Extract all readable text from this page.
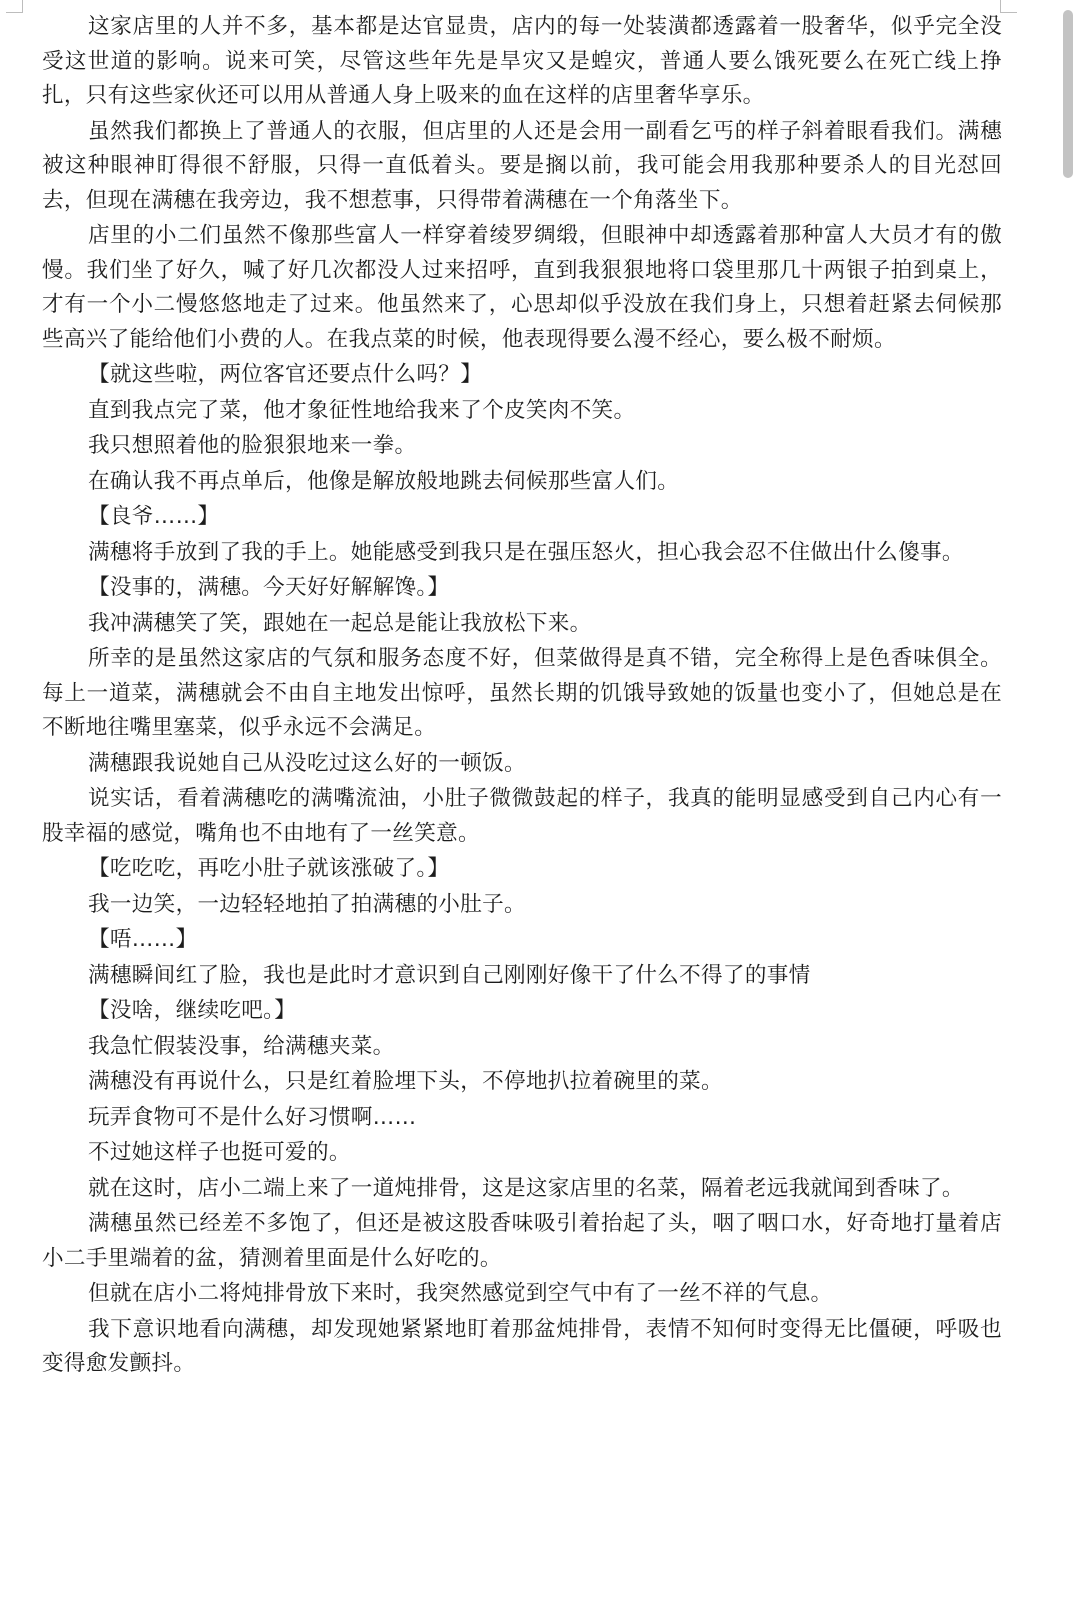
这家店里的人并不多，基本都是达官显贵，店内的每一处装潢都透露着一股奢华，似乎完全没受这世道的影响。说来可笑，尽管这些年先是旱灾又是蝗灾，普通人要么饿死要么在死亡线上挣扎，只有这些家伙还可以用从普通人身上吸来的血在这样的店里奢华享乐。

虽然我们都换上了普通人的衣服，但店里的人还是会用一副看乞丐的样子斜着眼看我们。满穗被这种眼神盯得很不舒服，只得一直低着头。要是搁以前，我可能会用我那种要杀人的目光怼回去，但现在满穗在我旁边，我不想惹事，只得带着满穗在一个角落坐下。

店里的小二们虽然不像那些富人一样穿着绫罗绸缎，但眼神中却透露着那种富人大员才有的傲慢。我们坐了好久，喊了好几次都没人过来招呼，直到我狠狠地将口袋里那几十两银子拍到桌上，才有一个小二慢悠悠地走了过来。他虽然来了，心思却似乎没放在我们身上，只想着赶紧去伺候那些高兴了能给他们小费的人。在我点菜的时候，他表现得要么漫不经心，要么极不耐烦。

【就这些啦，两位客官还要点什么吗？】

直到我点完了菜，他才象征性地给我来了个皮笑肉不笑。

我只想照着他的脸狠狠地来一拳。

在确认我不再点单后，他像是解放般地跳去伺候那些富人们。

【良爷……】

满穗将手放到了我的手上。她能感受到我只是在强压怒火，担心我会忍不住做出什么傻事。

【没事的，满穗。今天好好解解馋。】

我冲满穗笑了笑，跟她在一起总是能让我放松下来。

所幸的是虽然这家店的气氛和服务态度不好，但菜做得是真不错，完全称得上是色香味俱全。每上一道菜，满穗就会不由自主地发出惊呼，虽然长期的饥饿导致她的饭量也变小了，但她总是在不断地往嘴里塞菜，似乎永远不会满足。

满穗跟我说她自己从没吃过这么好的一顿饭。

说实话，看着满穗吃的满嘴流油，小肚子微微鼓起的样子，我真的能明显感受到自己内心有一股幸福的感觉，嘴角也不由地有了一丝笑意。

【吃吃吃，再吃小肚子就该涨破了。】

我一边笑，一边轻轻地拍了拍满穗的小肚子。

【唔……】

满穗瞬间红了脸，我也是此时才意识到自己刚刚好像干了什么不得了的事情

【没啥，继续吃吧。】

我急忙假装没事，给满穗夹菜。

满穗没有再说什么，只是红着脸埋下头，不停地扒拉着碗里的菜。

玩弄食物可不是什么好习惯啊……

不过她这样子也挺可爱的。

就在这时，店小二端上来了一道炖排骨，这是这家店里的名菜，隔着老远我就闻到香味了。

满穗虽然已经差不多饱了，但还是被这股香味吸引着抬起了头，咽了咽口水，好奇地打量着店小二手里端着的盆，猜测着里面是什么好吃的。

但就在店小二将炖排骨放下来时，我突然感觉到空气中有了一丝不祥的气息。

我下意识地看向满穗，却发现她紧紧地盯着那盆炖排骨，表情不知何时变得无比僵硬，呼吸也变得愈发颤抖。
